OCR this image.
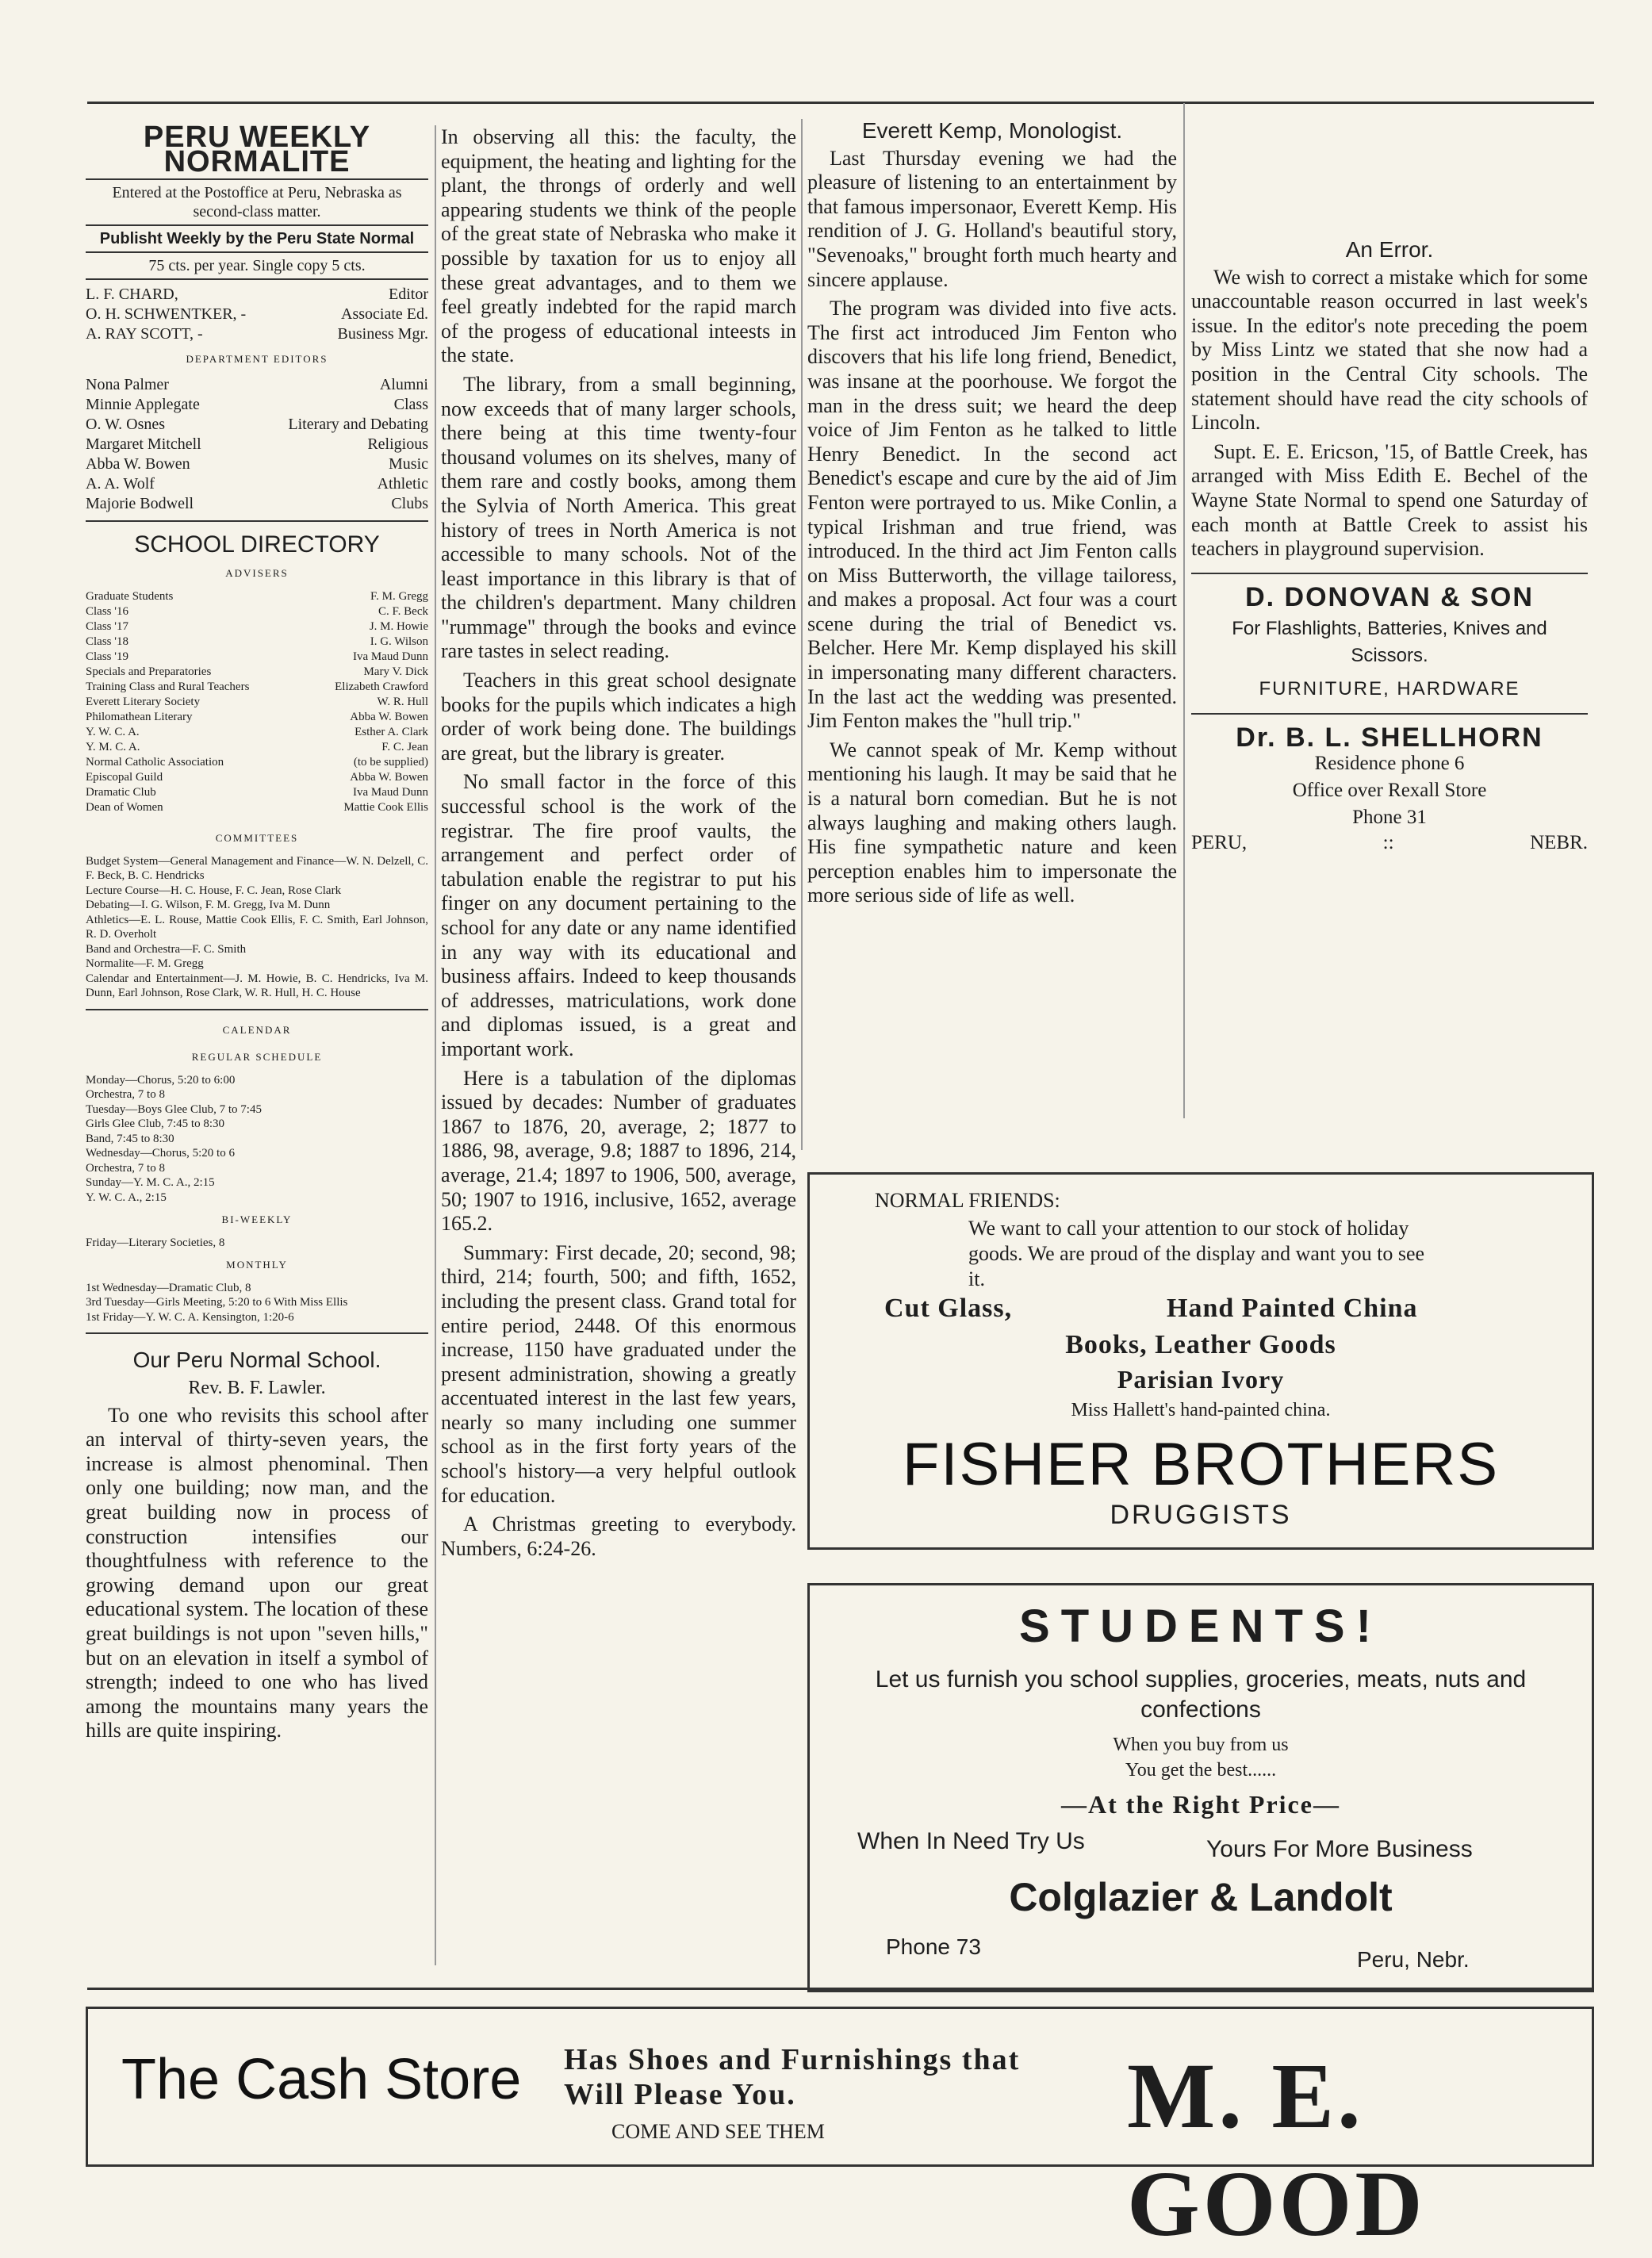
PERU WEEKLY NORMALITE
Entered at the Postoffice at Peru, Nebraska as second-class matter.
Publisht Weekly by the Peru State Normal
75 cts. per year. Single copy 5 cts.
L. F. CHARD,	Editor
O. H. SCHWENTKER, -	Associate Ed.
A. RAY SCOTT, -	Business Mgr.
DEPARTMENT EDITORS
Nona Palmer	Alumni
Minnie Applegate	Class
O. W. Osnes	Literary and Debating
Margaret Mitchell	Religious
Abba W. Bowen	Music
A. A. Wolf	Athletic
Majorie Bodwell	Clubs
SCHOOL DIRECTORY
ADVISERS
Graduate Students	F. M. Gregg
Class '16	C. F. Beck
Class '17	J. M. Howie
Class '18	I. G. Wilson
Class '19	Iva Maud Dunn
Specials and Preparatories	Mary V. Dick
Training Class and Rural Teachers	Elizabeth Crawford
Everett Literary Society	W. R. Hull
Philomathean Literary	Abba W. Bowen
Y. W. C. A.	Esther A. Clark
Y. M. C. A.	F. C. Jean
Normal Catholic Association	(to be supplied)
Episcopal Guild	Abba W. Bowen
Dramatic Club	Iva Maud Dunn
Dean of Women	Mattie Cook Ellis
COMMITTEES
Budget System—General Management and Finance—W. N. Delzell, C. F. Beck, B. C. Hendricks
Lecture Course—H. C. House, F. C. Jean, Rose Clark
Debating—I. G. Wilson, F. M. Gregg, Iva M. Dunn
Athletics—E. L. Rouse, Mattie Cook Ellis, F. C. Smith, Earl Johnson, R. D. Overholt
Band and Orchestra—F. C. Smith
Normalite—F. M. Gregg
Calendar and Entertainment—J. M. Howie, B. C. Hendricks, Iva M. Dunn, Earl Johnson, Rose Clark, W. R. Hull, H. C. House
CALENDAR
REGULAR SCHEDULE
Monday—Chorus, 5:20 to 6:00
Orchestra, 7 to 8
Tuesday—Boys Glee Club, 7 to 7:45
Girls Glee Club, 7:45 to 8:30
Band, 7:45 to 8:30
Wednesday—Chorus, 5:20 to 6
Orchestra, 7 to 8
Sunday—Y. M. C. A., 2:15
Y. W. C. A., 2:15
BI-WEEKLY
Friday—Literary Societies, 8
MONTHLY
1st Wednesday—Dramatic Club, 8
3rd Tuesday—Girls Meeting, 5:20 to 6 With Miss Ellis
1st Friday—Y. W. C. A. Kensington, 1:20-6
Our Peru Normal School.
Rev. B. F. Lawler.

To one who revisits this school after an interval of thirty-seven years, the increase is almost phenominal. Then only one building; now man, and the great building now in process of construction intensifies our thoughtfulness with reference to the growing demand upon our great educational system. The location of these great buildings is not upon "seven hills," but on an elevation in itself a symbol of strength; indeed to one who has lived among the mountains many years the hills are quite inspiring.

In observing all this: the faculty, the equipment, the heating and lighting for the plant, the throngs of orderly and well appearing students we think of the people of the great state of Nebraska who make it possible by taxation for us to enjoy all these great advantages, and to them we feel greatly indebted for the rapid march of the progess of educational inteests in the state.

The library, from a small beginning, now exceeds that of many larger schools, there being at this time twenty-four thousand volumes on its shelves, many of them rare and costly books, among them the Sylvia of North America. This great history of trees in North America is not accessible to many schools. Not of the least importance in this library is that of the children's department. Many children "rummage" through the books and evince rare tastes in select reading.

Teachers in this great school designate books for the pupils which indicates a high order of work being done. The buildings are great, but the library is greater.

No small factor in the force of this successful school is the work of the registrar. The fire proof vaults, the arrangement and perfect order of tabulation enable the registrar to put his finger on any document pertaining to the school for any date or any name identified in any way with its educational and business affairs. Indeed to keep thousands of addresses, matriculations, work done and diplomas issued, is a great and important work.

Here is a tabulation of the diplomas issued by decades: Number of graduates 1867 to 1876, 20, average, 2; 1877 to 1886, 98, average, 9.8; 1887 to 1896, 214, average, 21.4; 1897 to 1906, 500, average, 50; 1907 to 1916, inclusive, 1652, average 165.2.

Summary: First decade, 20; second, 98; third, 214; fourth, 500; and fifth, 1652, including the present class. Grand total for entire period, 2448. Of this enormous increase, 1150 have graduated under the present administration, showing a greatly accentuated interest in the last few years, nearly so many including one summer school as in the first forty years of the school's history—a very helpful outlook for education.

A Christmas greeting to everybody. Numbers, 6:24-26.

Everett Kemp, Monologist.

Last Thursday evening we had the pleasure of listening to an entertainment by that famous impersonaor, Everett Kemp. His rendition of J. G. Holland's beautiful story, "Sevenoaks," brought forth much hearty and sincere applause.

The program was divided into five acts. The first act introduced Jim Fenton who discovers that his life long friend, Benedict, was insane at the poorhouse. We forgot the man in the dress suit; we heard the deep voice of Jim Fenton as he talked to little Henry Benedict. In the second act Benedict's escape and cure by the aid of Jim Fenton were portrayed to us. Mike Conlin, a typical Irishman and true friend, was introduced. In the third act Jim Fenton calls on Miss Butterworth, the village tailoress, and makes a proposal. Act four was a court scene during the trial of Benedict vs. Belcher. Here Mr. Kemp displayed his skill in impersonating many different characters. In the last act the wedding was presented. Jim Fenton makes the "hull trip."

We cannot speak of Mr. Kemp without mentioning his laugh. It may be said that he is a natural born comedian. But he is not always laughing and making others laugh. His fine sympathetic nature and keen perception enables him to impersonate the more serious side of life as well.

An Error.

We wish to correct a mistake which for some unaccountable reason occurred in last week's issue. In the editor's note preceding the poem by Miss Lintz we stated that she now had a position in the Central City schools. The statement should have read the city schools of Lincoln.

Supt. E. E. Ericson, '15, of Battle Creek, has arranged with Miss Edith E. Bechel of the Wayne State Normal to spend one Saturday of each month at Battle Creek to assist his teachers in playground supervision.

D. DONOVAN & SON
For Flashlights, Batteries, Knives and Scissors.
FURNITURE, HARDWARE
Dr. B. L. SHELLHORN
Residence phone 6
Office over Rexall Store
Phone 31
PERU,	::	NEBR.
NORMAL FRIENDS:
We want to call your attention to our stock of holiday goods. We are proud of the display and want you to see it.
Cut Glass,	Hand Painted China
Books, Leather Goods
Parisian Ivory
Miss Hallett's hand-painted china.
FISHER BROTHERS
DRUGGISTS
STUDENTS!
Let us furnish you school supplies, groceries, meats, nuts and confections
When you buy from us
You get the best......
—At the Right Price—
When In Need Try Us	Yours For More Business
Colglazier & Landolt
Phone 73
Peru, Nebr.
The Cash Store Has Shoes and Furnishings that
Will Please You.
COME AND SEE THEM	M. E. GOOD
